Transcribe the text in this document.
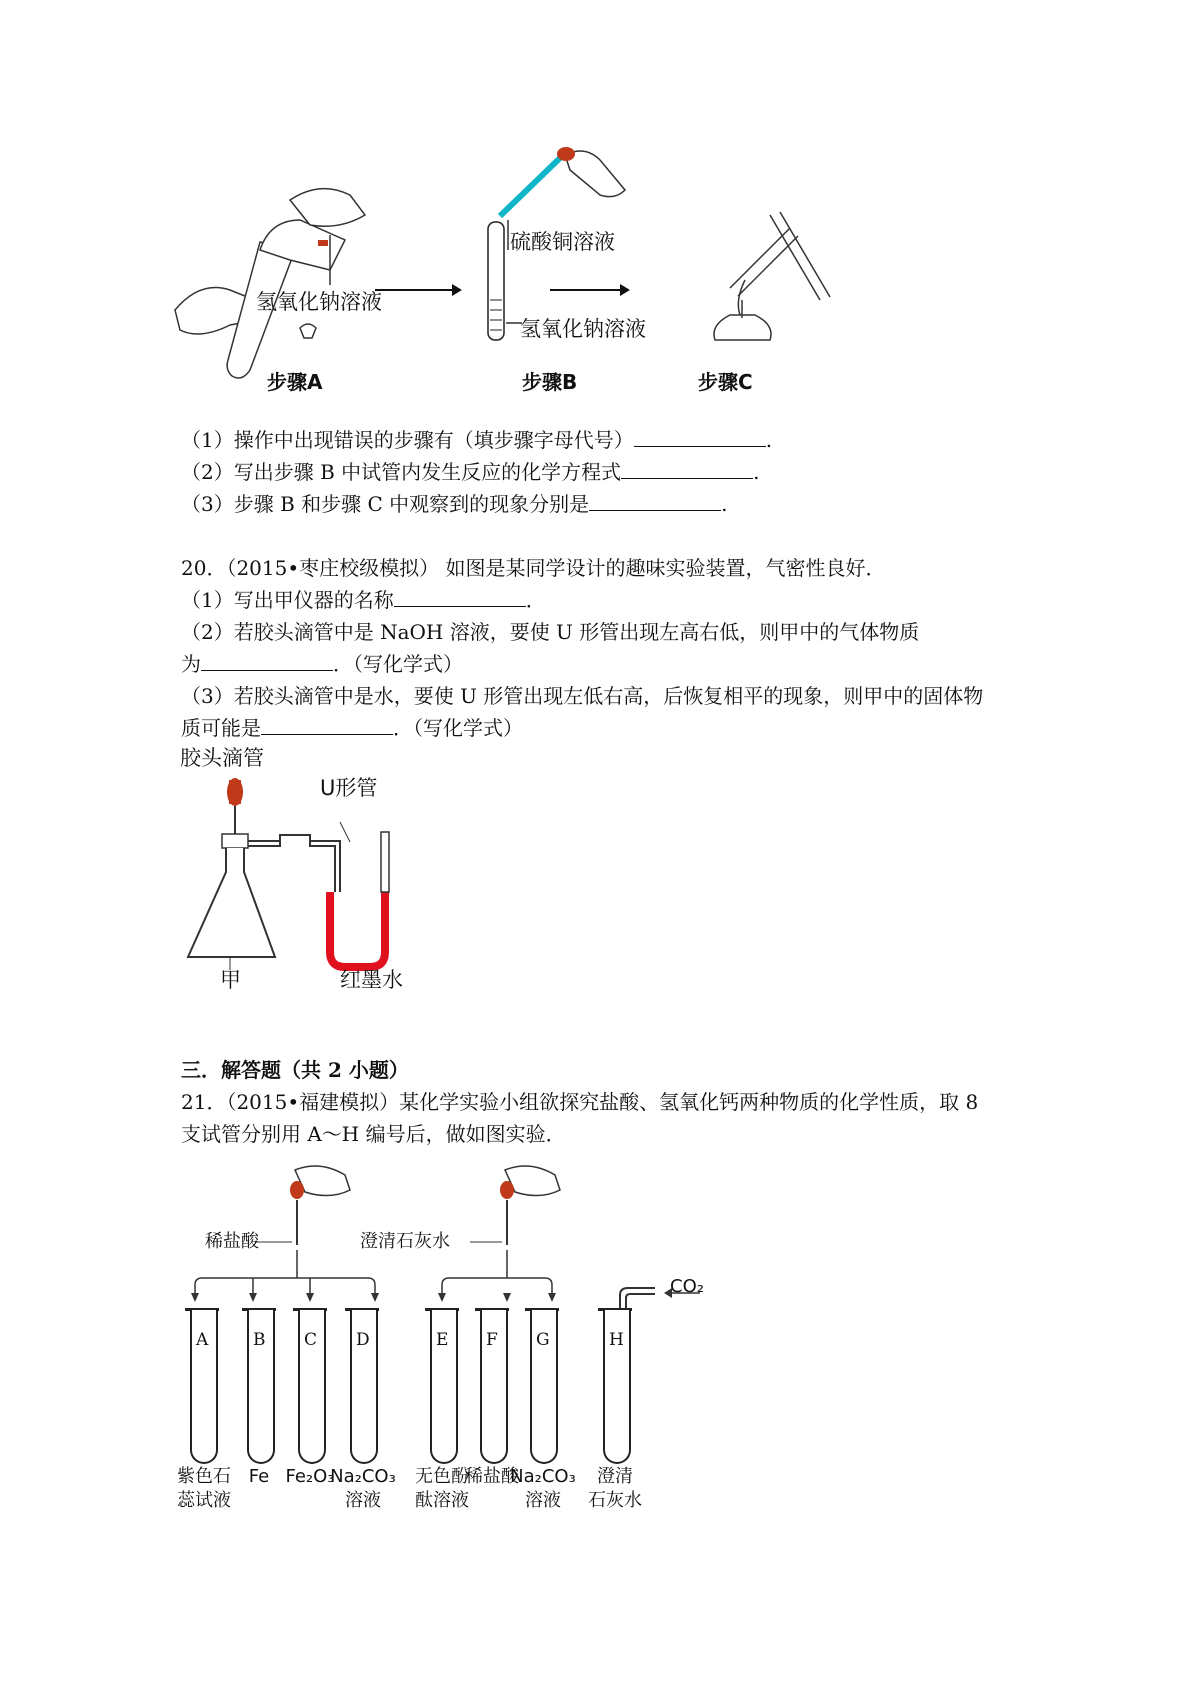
氢氧化钠溶液
硫酸铜溶液
氢氧化钠溶液
步骤A	步骤B	步骤C
（1）操作中出现错误的步骤有（填步骤字母代号）	.
（2）写出步骤 B 中试管内发生反应的化学方程式	.
（3）步骤 B 和步骤 C 中观察到的现象分别是	.
20．（2015•枣庄校级模拟） 如图是某同学设计的趣味实验装置，气密性良好．
（1）写出甲仪器的名称	．
（2）若胶头滴管中是 NaOH 溶液，要使 U 形管出现左高右低，则甲中的气体物质
为	．（写化学式）
（3）若胶头滴管中是水，要使 U 形管出现左低右高，后恢复相平的现象，则甲中的固体物
质可能是	．（写化学式）
胶头滴管
U形管
甲	红墨水
三．解答题（共 2 小题）
21．（2015•福建模拟）某化学实验小组欲探究盐酸、氢氧化钙两种物质的化学性质，取 8
支试管分别用 A～H 编号后，做如图实验．
稀盐酸	澄清石灰水
CO₂
A	B C D	E F G	H
紫色石
蕊试液
Fe Fe₂O₃
Na₂CO₃
溶液
无色酚
酞溶液
稀盐酸
Na₂CO₃
溶液
澄清
石灰水
